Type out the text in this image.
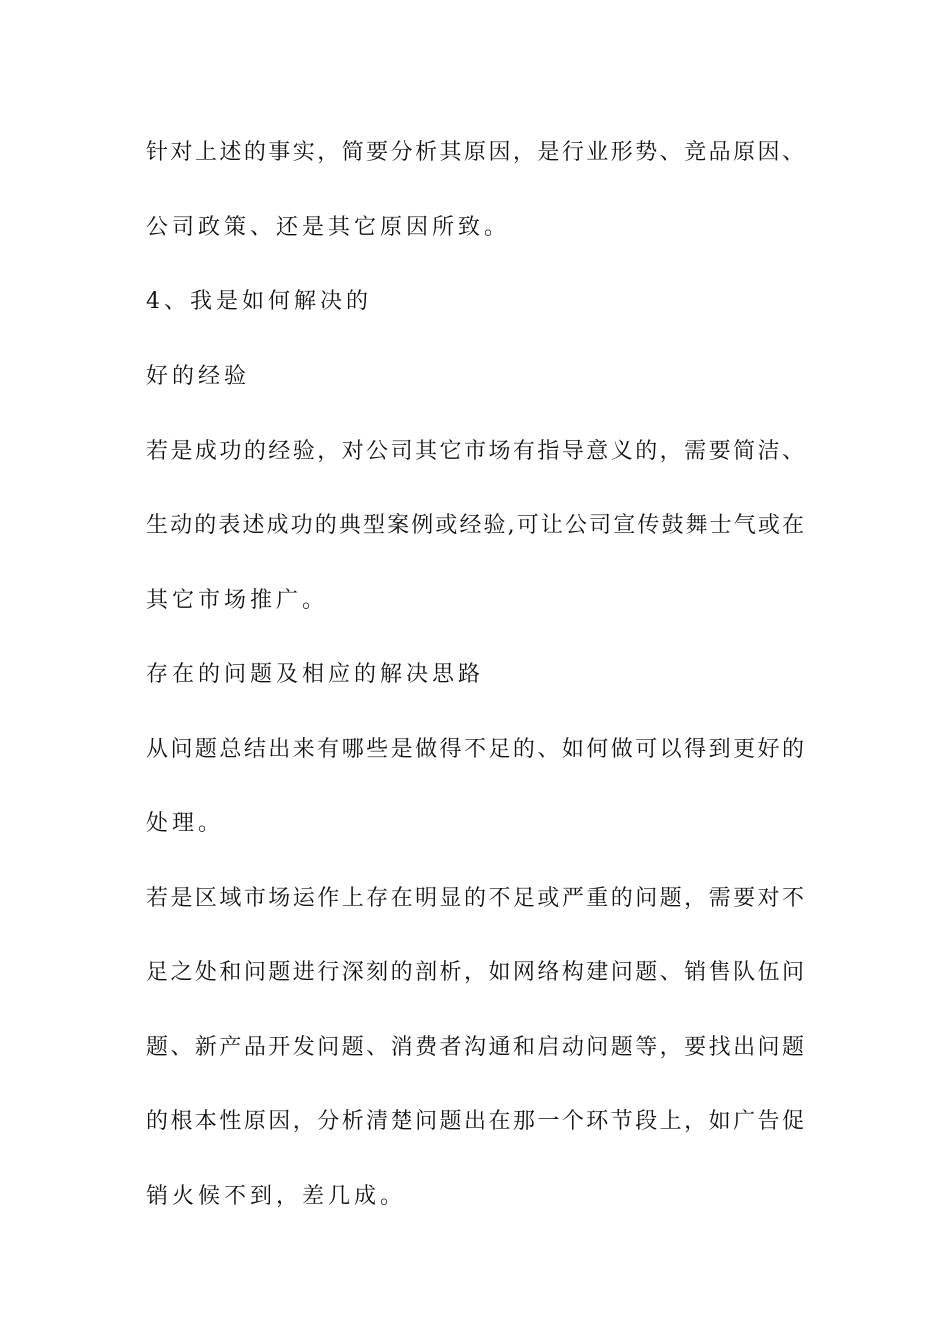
针对上述的事实，简要分析其原因，是行业形势、竞品原因、
公司政策、还是其它原因所致。
4、我是如何解决的
好的经验
若是成功的经验，对公司其它市场有指导意义的，需要简洁、
生动的表述成功的典型案例或经验,可让公司宣传鼓舞士气或在
其它市场推广。
存在的问题及相应的解决思路
从问题总结出来有哪些是做得不足的、如何做可以得到更好的
处理。
若是区域市场运作上存在明显的不足或严重的问题，需要对不
足之处和问题进行深刻的剖析，如网络构建问题、销售队伍问
题、新产品开发问题、消费者沟通和启动问题等，要找出问题
的根本性原因，分析清楚问题出在那一个环节段上，如广告促
销火候不到，差几成。
